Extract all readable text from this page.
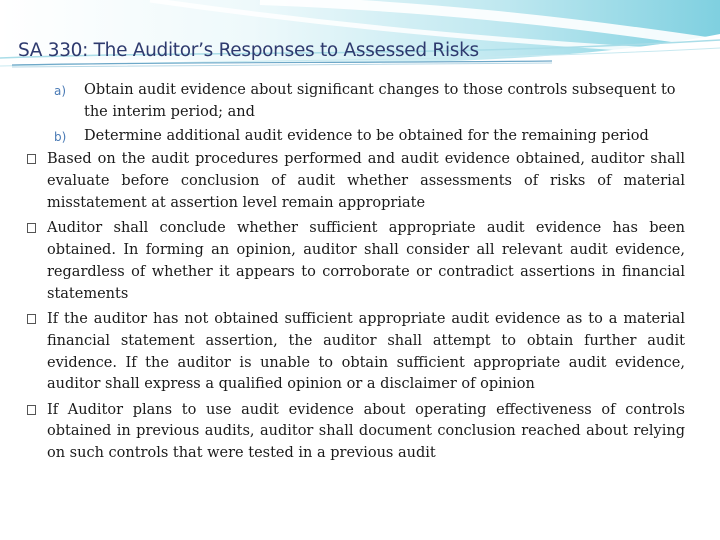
SA 330: The Auditor’s Responses to Assessed Risks
a) Obtain audit evidence about significant changes to those controls subsequent to the interim period; and
b) Determine additional audit evidence to be obtained for the remaining period
Based on the audit procedures performed and audit evidence obtained, auditor shall evaluate before conclusion of audit whether assessments of risks of material misstatement at assertion level remain appropriate
Auditor shall conclude whether sufficient appropriate audit evidence has been obtained. In forming an opinion, auditor shall consider all relevant audit evidence, regardless of whether it appears to corroborate or contradict assertions in financial statements
If the auditor has not obtained sufficient appropriate audit evidence as to a material financial statement assertion, the auditor shall attempt to obtain further audit evidence. If the auditor is unable to obtain sufficient appropriate audit evidence, auditor shall express a qualified opinion or a disclaimer of opinion
If Auditor plans to use audit evidence about operating effectiveness of controls obtained in previous audits, auditor shall document conclusion reached about relying on such controls that were tested in a previous audit
